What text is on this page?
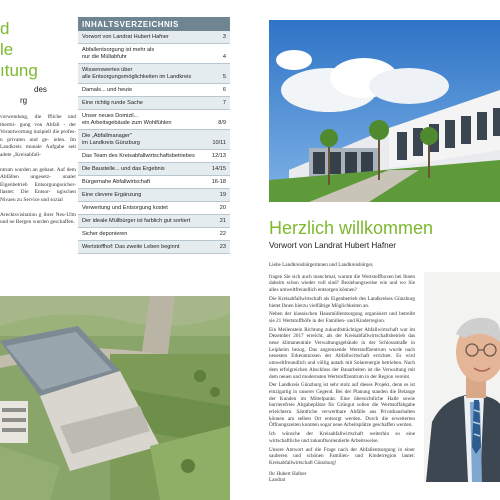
d
le
ıtung
des
rg

vorwendung, die ffliche und thermi- gung von Abfall - der Verantwortung inzipiell die profes- n privaten und ge- ielen. Im Landkreis munale Aufgabe seit adete „Kreisabfall-

ntrum wurden an gebaut. Auf dem Abfällen ungesetz- unaler Eigenbetrieb Entsorgungssicher- llastet: Die Entsor- ngischen Nivaeu zu Service und sozial

Arecktsvisitation g ihrer Neu-Ulm und ne Bergen wurden geschaffen.

INHALTSVERZEICHNIS
Vorwort von Landrat Hubert Hafner	3
Abfallentsorgung ist mehr als
nur die Müllabfuhr	4
Wissenswertes über
alle Entsorgungsmöglichkeiten im Landkreis	5
Damals... und heute	6
Eine richtig runde Sache	7
Unser neues Domizil...
ein Arbeitsgebäude zum Wohlfühlen	8/9
Die „Abfallmanager"
im Landkreis Günzburg	10/11
Das Team des Kreisabfallwirtschaftsbetriebes	12/13
Die Baustelle... und das Ergebnis	14/15
Bürgernahe Abfallwirtschaft	16-18
Eine clevere Ergänzung	19
Verwertung und Entsorgung kostet	20
Der ideale Müllbürger ist farblich gut sortiert	21
Sicher deponieren	22
Wertstoffhof: Das zweite Leben beginnt	23
Herzlich willkommen
Vorwort von Landrat Hubert Hafner

Liebe Landkreisbürgerinnen und Landkreisbürger,

fragen Sie sich auch manchmal, warum die Wertstoffboxen bei Ihnen daheim schon wieder voll sind? Beziehungsweise wie und wo Sie alles umweltfreundlich entsorgen können?

Die Kreisabfallwirtschaft als Eigenbetrieb des Landkreises Günzburg bietet Ihnen hierzu vielfältige Möglichkeiten an.

Neben der klassischen Hausmüllentsorgung organisiert und betreibt sie 21 Wertstoffhöfe in der Familien- und Kinderregion.

Ein Meilenstein Richtung zukunftsträchtiger Abfallwirtschaft war im Dezember 2017 erreicht, als der Kreisabfallwirtschaftsbetrieb das neue klimaneutrale Verwaltungsgebäude in der Schlossstraße in Leipheim bezog. Das angrenzende Wertstoffzentrum wurde nach neuesten Erkenntnissen der Abfallwirtschaft errichtet. Es wird umweltfreundlich und völlig autark mit Solarenergie betrieben. Nach dem erfolgreichen Abschluss der Bauarbeiten ist die Verwaltung mit dem neuen und modernsten Wertstoffzentrum in der Region vereint.

Der Landkreis Günzburg ist sehr stolz auf dieses Projekt, denn es ist einzigartig in unserer Gegend. Bei der Planung standen die Belange der Kunden im Mittelpunkt. Eine übersichtliche Halle sowie barrierefreie Abgabeplätze für Grüngut sollen die Wertstoffabgabe erleichtern. Sämtliche verwertbare Abfälle aus Privathaushalten können am selben Ort entsorgt werden. Durch die erweiterten Öffnungszeiten konnten sogar neue Arbeitsplätze geschaffen werden.

Ich wünsche der Kreisabfallwirtschaft weiterhin so eine wirtschaftliche und zukunftsorientierte Arbeitsweise.

Unsere Antwort auf die Frage nach der Abfallentsorgung in einer sauberen und schönen Familien- und Kinderregion lautet: Kreisabfallwirtschaft Günzburg!

Ihr Hubert Hafner

Landrat
